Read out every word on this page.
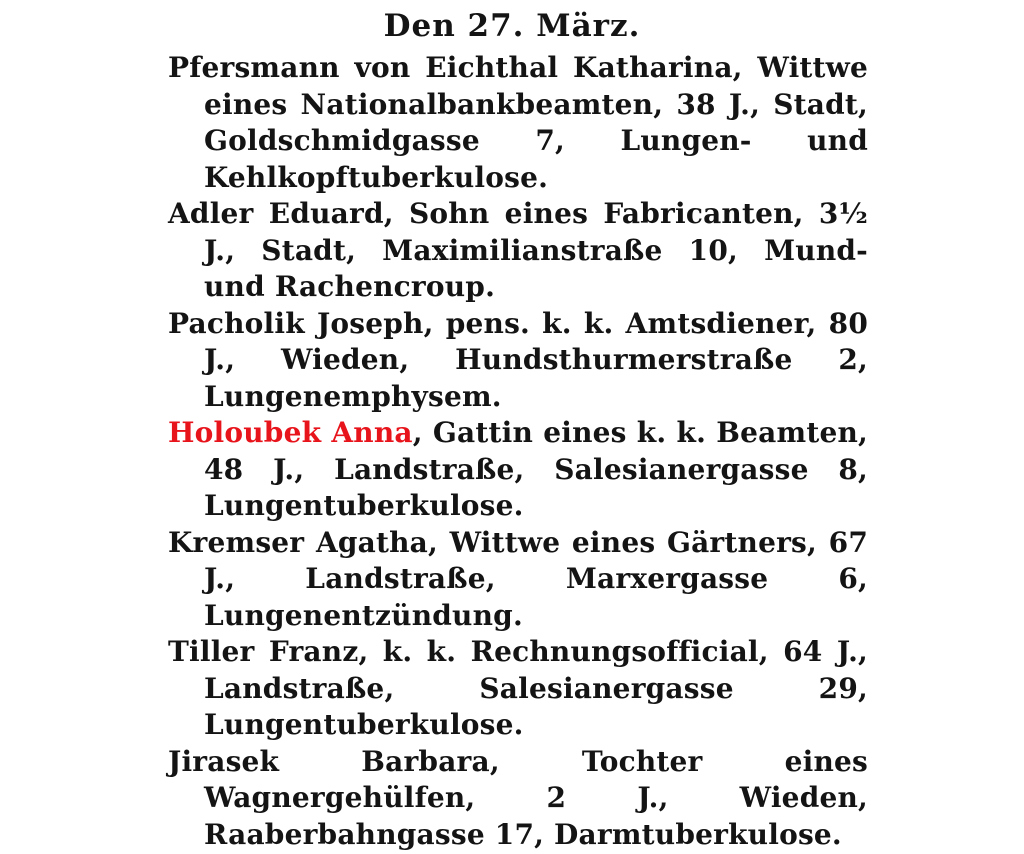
Den 27. März.

Pfersmann von Eichthal Katharina, Wittwe eines Nationalbankbeamten, 38 J., Stadt, Goldschmidgasse 7, Lungen- und Kehlkopftuberkulose.

Adler Eduard, Sohn eines Fabricanten, 3½ J., Stadt, Maximilianstraße 10, Mund- und Rachencroup.

Pacholik Joseph, pens. k. k. Amtsdiener, 80 J., Wieden, Hundsthurmerstraße 2, Lungenemphysem.

Holoubek Anna, Gattin eines k. k. Beamten, 48 J., Landstraße, Salesianergasse 8, Lungentuberkulose.

Kremser Agatha, Wittwe eines Gärtners, 67 J., Landstraße, Marxergasse 6, Lungenentzündung.

Tiller Franz, k. k. Rechnungsofficial, 64 J., Landstraße, Salesianergasse 29, Lungentuberkulose.

Jirasek Barbara, Tochter eines Wagnergehülfen, 2 J., Wieden, Raaberbahngasse 17, Darmtuberkulose.
